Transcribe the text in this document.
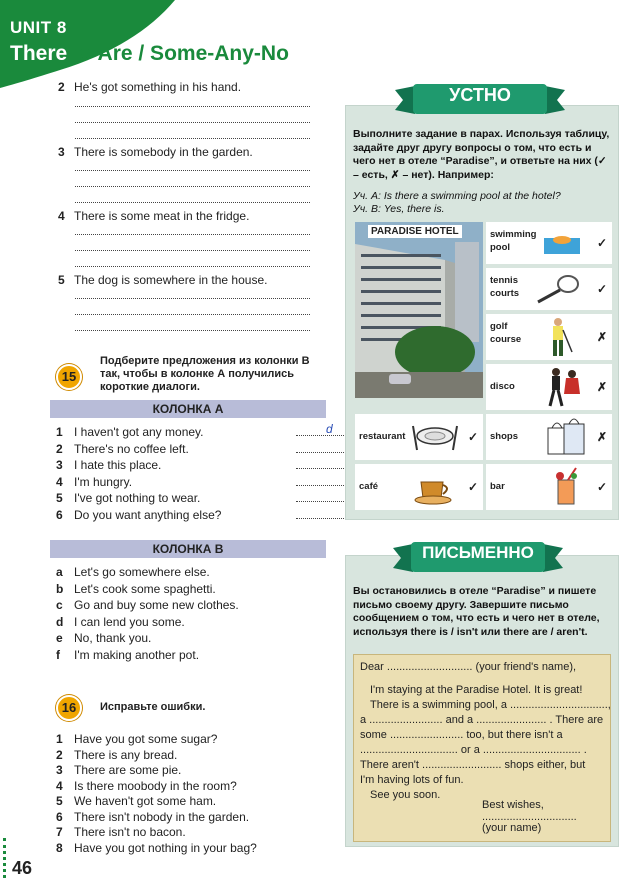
UNIT 8
There Is-Are / Some-Any-No
2 He's got something in his hand.
3 There is somebody in the garden.
4 There is some meat in the fridge.
5 The dog is somewhere in the house.
15
Подберите предложения из колонки В так, чтобы в колонке А получились короткие диалоги.
КОЛОНКА А
1 I haven't got any money.	d
2 There's no coffee left.
3 I hate this place.
4 I'm hungry.
5 I've got nothing to wear.
6 Do you want anything else?
КОЛОНКА В
a Let's go somewhere else.
b Let's cook some spaghetti.
c Go and buy some new clothes.
d I can lend you some.
e No, thank you.
f I'm making another pot.
16	Исправьте ошибки.
1 Have you got some sugar?
2 There is any bread.
3 There are some pie.
4 Is there moobody in the room?
5 We haven't got some ham.
6 There isn't nobody in the garden.
7 There isn't no bacon.
8 Have you got nothing in your bag?
46
УСТНО
Выполните задание в парах. Используя таблицу, задайте друг другу вопросы о том, что есть и чего нет в отеле “Paradise”, и ответьте на них (✓ – есть, ✗ – нет). Например:
Уч. А: Is there a swimming pool at the hotel?
Уч. В: Yes, there is.
PARADISE HOTEL	swimming pool	✓
tennis courts	✓
golf course	✗
disco	✗
restaurant	✓ shops	✗
café	✓ bar	✓
ПИСЬМЕННО
Вы остановились в отеле “Paradise” и пишете письмо своему другу. Завершите письмо сообщением о том, что есть и чего нет в отеле, используя there is / isn't или there are / aren't.
Dear ............................ (your friend's name),
I'm staying at the Paradise Hotel. It is great!
There is a swimming pool, a ................................,
a ........................ and a ....................... . There are
some ........................ too, but there isn't a
................................ or a ................................ .
There aren't .......................... shops either, but
I'm having lots of fun.
See you soon.
Best wishes,
...............................
(your name)
